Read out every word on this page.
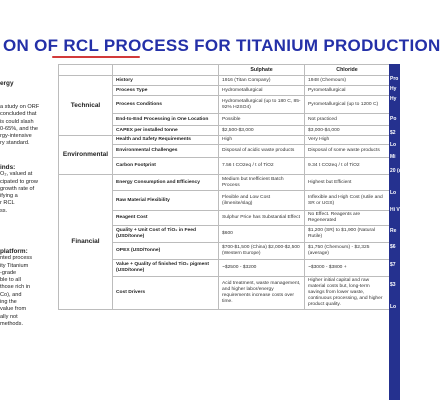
ON OF RCL PROCESS FOR TITANIUM PRODUCTION
ergy
a study on ORF
concluded that
is could slash
0-65%, and the
rgy-intensive
ry standard.
inds:
O₂, valued at
cipated to grow
growth rate of
ifying a
r RCL
ss.
platform:
nted process
ity Titanium
-grade
ble to all
those rich in
Co), and
ing the
value from
ally not
methods.
		Sulphate	Chloride
Technical	History	1916 (Titan Company)	1948 (Chemours)
	Process Type	Hydrometallurgical	Pyrometallurgical
	Process Conditions	Hydrometallurgical (up to 180 C, 85-92% H2SO4)	Pyrometallurgical (up to 1200 C)
	End-to-End Processing in One Location	Possible	Not practiced
	CAPEX per installed tonne	$2,500-$3,000	$3,000-$4,000
Environmental	Health and Safety Requirements	High	Very High
	Environmental Challenges	Disposal of acidic waste products	Disposal of some waste products
	Carbon Footprint	7.56 t CO2eq / t of TiO2	9.34 t CO2eq / t of TiO2
Financial	Energy Consumption and Efficiency	Medium but Inefficient Batch Process	Highest but Efficient
	Raw Material Flexibility	Flexible and Low Cost (ilmenite/slag)	Inflexible and High Cost (rutile and SR or UGS)
	Reagent Cost	Sulphur Price has Substantial Effect	No Effect. Reagents are Regenerated
	Quality + Unit Cost of TiO₂ in Feed (USD/tonne)	$600	$1,200 (SR) to $1,900 (Natural Rutile)
	OPEX (USD/Tonne)	$700-$1,500 (China) $2,000-$2,500 (Western Europe)	$1,750 (Chemours) - $2,325 (average)
	Value + Quality of finished TiO₂ pigment (USD/tonne)	~$2500 - $3200	~$3000 - $3800 +
	Cost Drivers	Acid treatment, waste management, and higher labor/energy requirements increase costs over time.	Higher initial capital and raw material costs but, long-term savings from lower waste, continuous processing, and higher product quality.
Pro
Hy
Hy
Po
$2
Lo
Mi
20 (a
Lo
Hi VT
Re
$6
$7
$3
Lo
